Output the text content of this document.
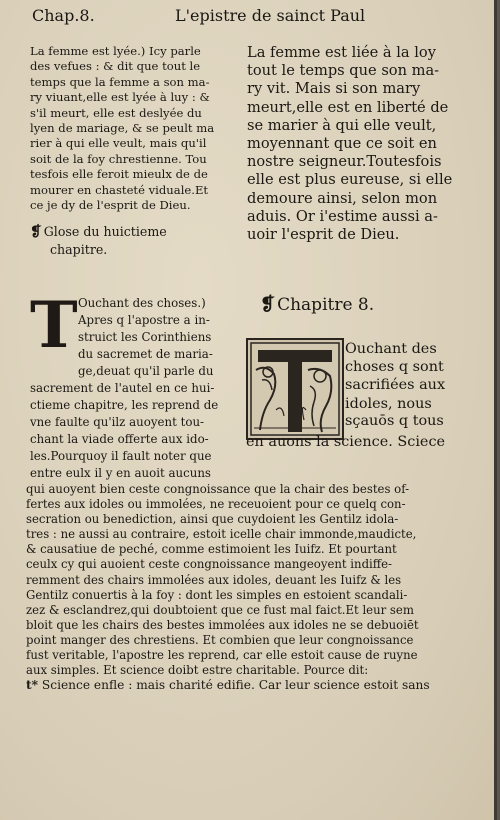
Chap.8.	L'epistre de sainct Paul
La femme est lyée.) Icy parle
des vefues : & dit que tout le
temps que la femme a son ma-
ry viuant,elle est lyée à luy : &
s'il meurt, elle est deslyée du
lyen de mariage, & se peult ma
rier à qui elle veult, mais qu'il
soit de la foy chrestienne. Tou
tesfois elle feroit mieulx de de
mourer en chasteté viduale.Et
ce je dy de l'esprit de Dieu.
❡ Glose du huictieme
chapitre.
La femme est liée à la loy
tout le temps que son ma-
ry vit. Mais si son mary
meurt,elle est en liberté de
se marier à qui elle veult,
moyennant que ce soit en
nostre seigneur.Toutesfois
elle est plus eureuse, si elle
demoure ainsi, selon mon
aduis. Or i'estime aussi a-
uoir l'esprit de Dieu.
T Ouchant des choses.)
Apres q l'apostre a in-
struict les Corinthiens
du sacremet de maria-
ge,deuat qu'il parle du
sacrement de l'autel en ce hui-
ctieme chapitre, les reprend de
vne faulte qu'ilz auoyent tou-
chant la viade offerte aux ido-
les.Pourquoy il fault noter que
entre eulx il y en auoit aucuns
❡ Chapitre 8.
Ouchant des
choses q sont
sacrifiées aux
idoles, nous
sçauōs q tous
en auons la science. Sciece
qui auoyent bien ceste congnoissance que la chair des bestes of-
fertes aux idoles ou immolées, ne receuoient pour ce quelq con-
secration ou benediction, ainsi que cuydoient les Gentilz idola-
tres : ne aussi au contraire, estoit icelle chair immonde,maudicte,
& causatiue de peché, comme estimoient les Iuifz. Et pourtant
ceulx cy qui auoient ceste congnoissance mangeoyent indiffe-
remment des chairs immolées aux idoles, deuant les Iuifz & les
Gentilz conuertis à la foy : dont les simples en estoient scandali-
zez & esclandrez,qui doubtoient que ce fust mal faict.Et leur sem
bloit que les chairs des bestes immolées aux idoles ne se debuoiēt
point manger des chrestiens. Et combien que leur congnoissance
fust veritable, l'apostre les reprend, car elle estoit cause de ruyne
aux simples. Et science doibt estre charitable. Pource dit:
t* Science enfle : mais charité edifie. Car leur science estoit sans
